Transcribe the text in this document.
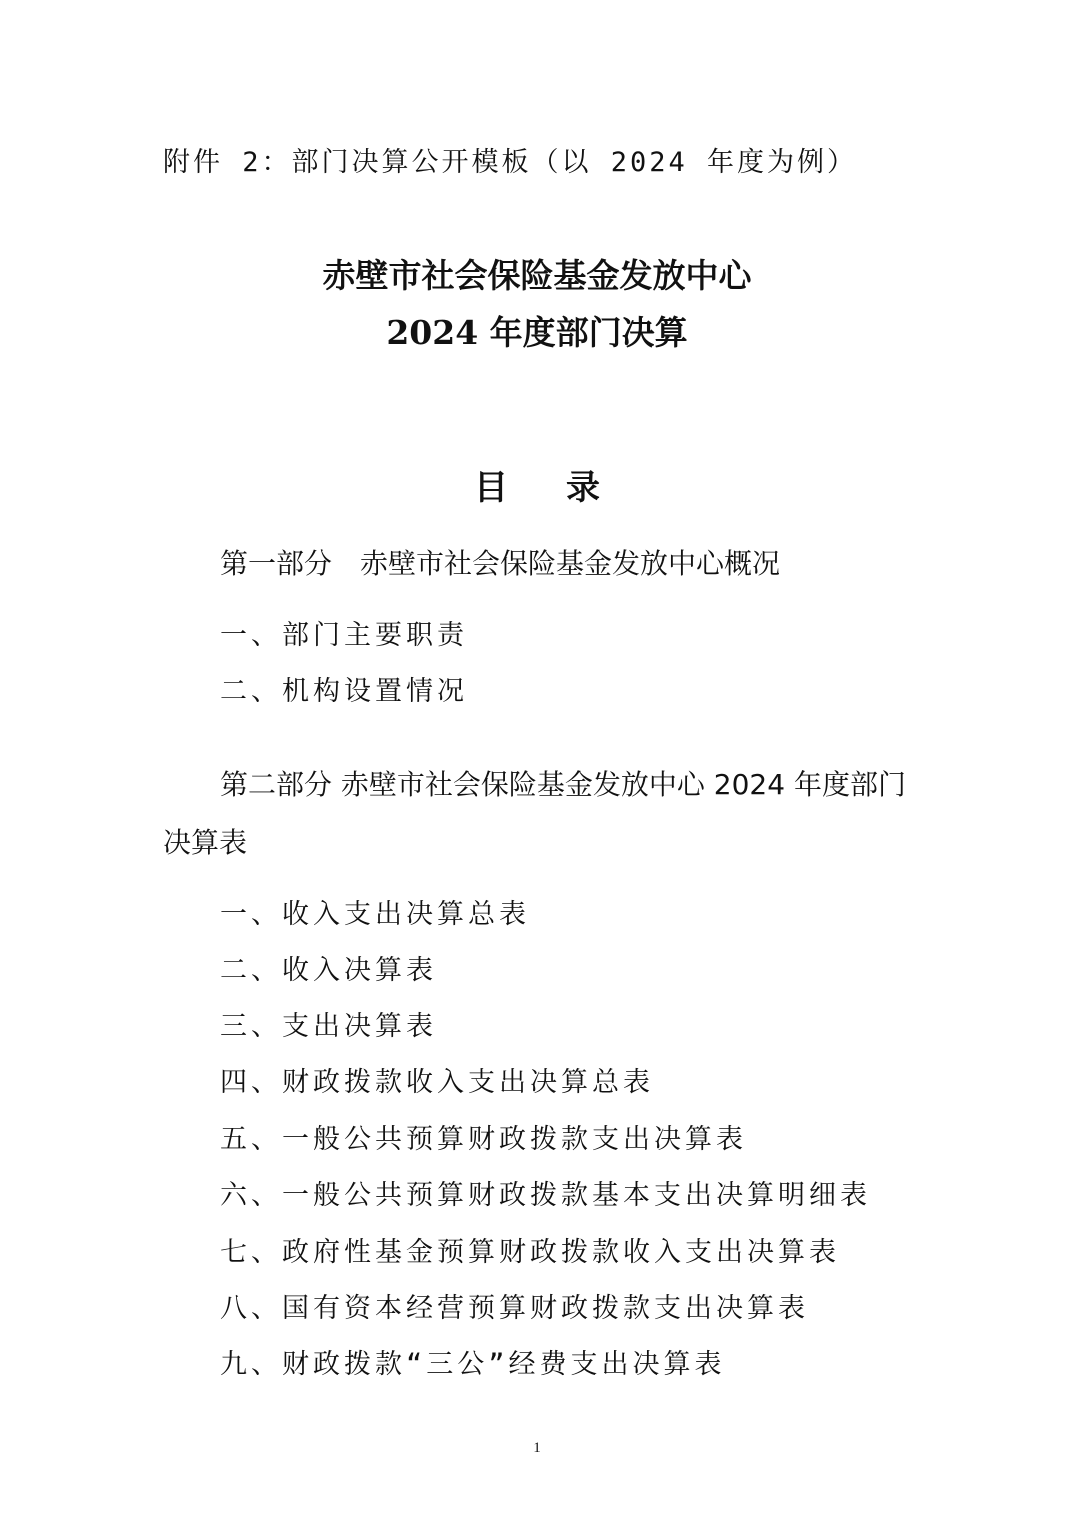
附件 2：部门决算公开模板（以 2024 年度为例）
赤壁市社会保险基金发放中心
2024 年度部门决算
目录
第一部分　赤壁市社会保险基金发放中心概况
一、部门主要职责
二、机构设置情况
第二部分 赤壁市社会保险基金发放中心 2024 年度部门决算表
一、收入支出决算总表
二、收入决算表
三、支出决算表
四、财政拨款收入支出决算总表
五、一般公共预算财政拨款支出决算表
六、一般公共预算财政拨款基本支出决算明细表
七、政府性基金预算财政拨款收入支出决算表
八、国有资本经营预算财政拨款支出决算表
九、财政拨款“三公”经费支出决算表
1
